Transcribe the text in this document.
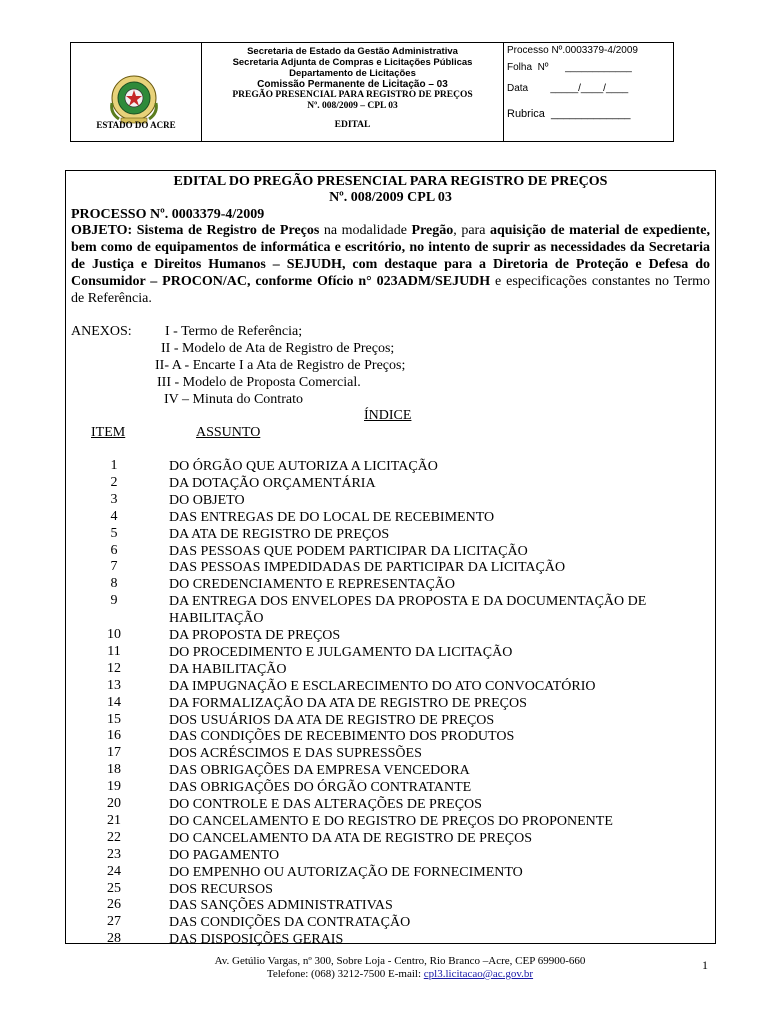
ESTADO DO ACRE
Secretaria de Estado da Gestão Administrativa
Secretaria Adjunta de Compras e Licitações Públicas
Departamento de Licitações
Comissão Permanente de Licitação – 03
PREGÃO PRESENCIAL PARA REGISTRO DE PREÇOS
Nº. 008/2009 – CPL 03
EDITAL
Processo Nº.0003379-4/2009
Folha  Nº      ____________
Data        _____/____/____
Rubrica  _____________
EDITAL DO PREGÃO PRESENCIAL PARA REGISTRO DE PREÇOS
Nº. 008/2009 CPL 03
PROCESSO Nº. 0003379-4/2009
OBJETO: Sistema de Registro de Preços na modalidade Pregão, para aquisição de material de expediente, bem como de equipamentos de informática e escritório, no intento de suprir as necessidades da Secretaria de Justiça e Direitos Humanos – SEJUDH, com destaque para a Diretoria de Proteção e Defesa do Consumidor – PROCON/AC, conforme Ofício n° 023ADM/SEJUDH e especificações constantes no Termo de Referência.
ANEXOS: I - Termo de Referência;
II - Modelo de Ata de Registro de Preços;
II- A - Encarte I a Ata de Registro de Preços;
III - Modelo de Proposta Comercial.
IV – Minuta do Contrato
ÍNDICE
ITEM	ASSUNTO
1	DO ÓRGÃO QUE AUTORIZA A LICITAÇÃO
2	DA DOTAÇÃO ORÇAMENTÁRIA
3	DO OBJETO
4	DAS ENTREGAS DE DO LOCAL DE RECEBIMENTO
5	DA ATA DE REGISTRO DE PREÇOS
6	DAS PESSOAS QUE PODEM PARTICIPAR DA LICITAÇÃO
7	DAS PESSOAS IMPEDIDADAS DE PARTICIPAR DA LICITAÇÃO
8	DO CREDENCIAMENTO E REPRESENTAÇÃO
9	DA ENTREGA DOS ENVELOPES DA PROPOSTA E DA DOCUMENTAÇÃO DE HABILITAÇÃO
10	DA PROPOSTA DE PREÇOS
11	DO PROCEDIMENTO E JULGAMENTO DA LICITAÇÃO
12	DA HABILITAÇÃO
13	DA IMPUGNAÇÃO E ESCLARECIMENTO DO ATO CONVOCATÓRIO
14	DA FORMALIZAÇÃO DA ATA DE REGISTRO DE PREÇOS
15	DOS USUÁRIOS DA ATA DE REGISTRO DE PREÇOS
16	DAS CONDIÇÕES DE RECEBIMENTO DOS PRODUTOS
17	DOS ACRÉSCIMOS E DAS SUPRESSÕES
18	DAS OBRIGAÇÕES DA EMPRESA VENCEDORA
19	DAS OBRIGAÇÕES DO ÓRGÃO CONTRATANTE
20	DO CONTROLE E DAS ALTERAÇÕES DE PREÇOS
21	DO CANCELAMENTO E DO REGISTRO DE PREÇOS DO PROPONENTE
22	DO CANCELAMENTO DA ATA DE REGISTRO DE PREÇOS
23	DO PAGAMENTO
24	DO EMPENHO OU AUTORIZAÇÃO DE FORNECIMENTO
25	DOS RECURSOS
26	DAS SANÇÕES ADMINISTRATIVAS
27	DAS CONDIÇÕES DA CONTRATAÇÃO
28	DAS DISPOSIÇÕES GERAIS
Av. Getúlio Vargas, nº 300, Sobre Loja - Centro, Rio Branco –Acre, CEP 69900-660
Telefone: (068) 3212-7500 E-mail: cpl3.licitacao@ac.gov.br
1
